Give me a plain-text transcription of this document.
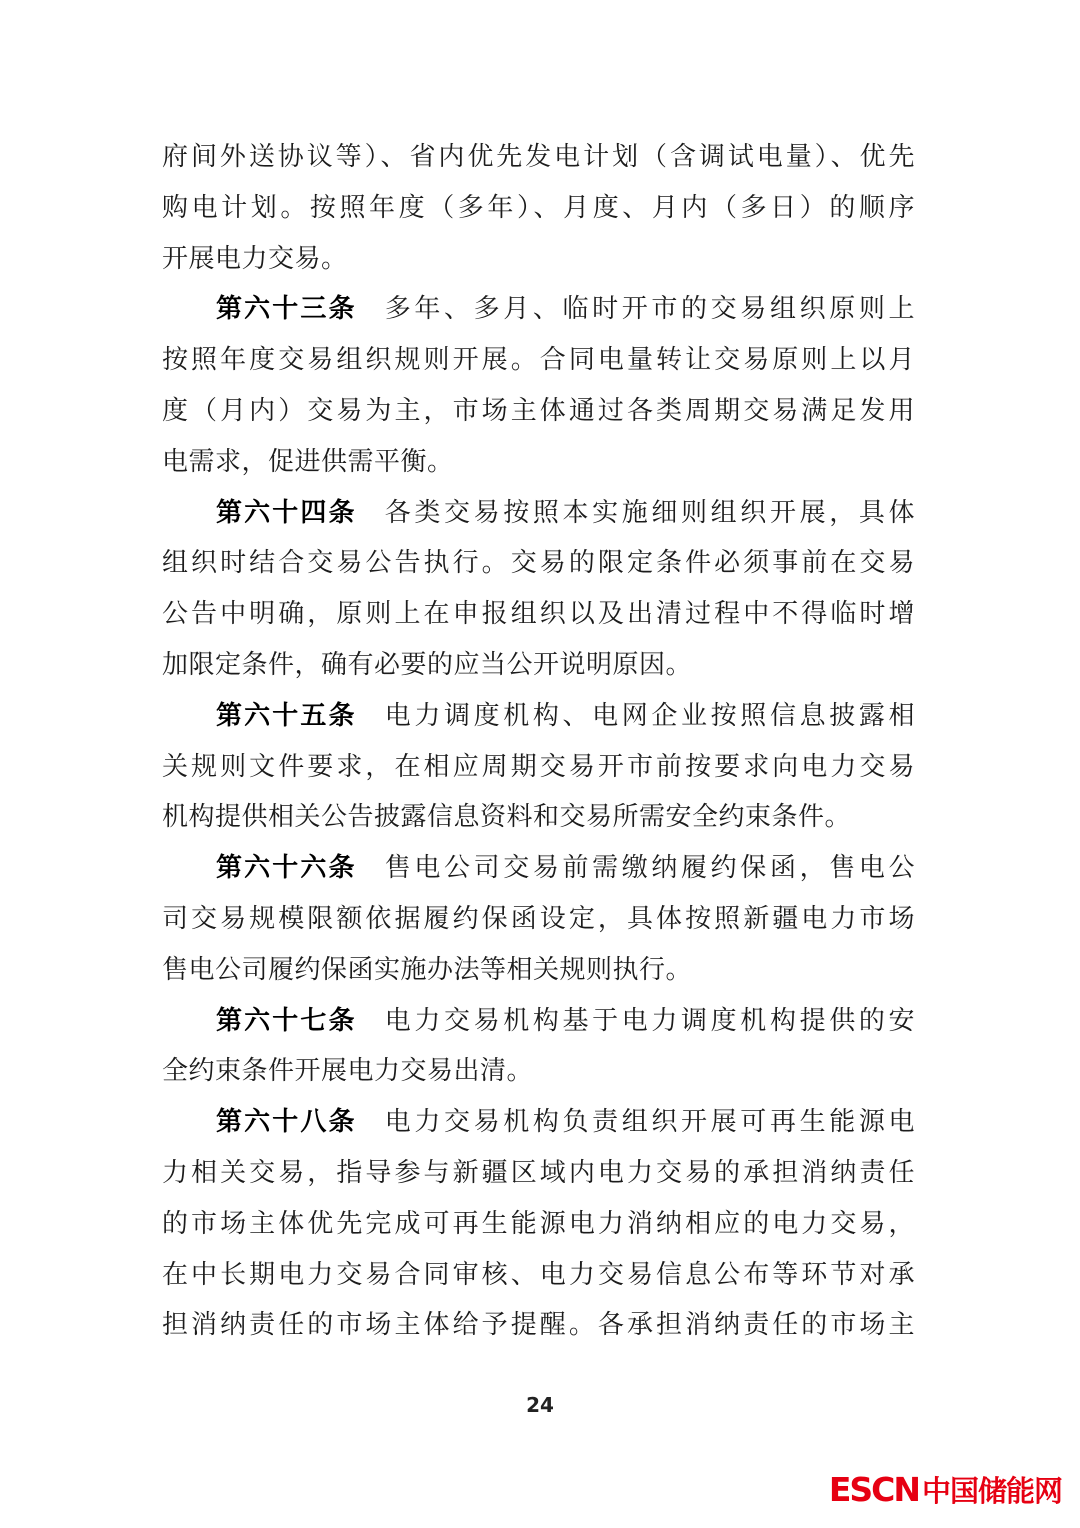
府间外送协议等）、省内优先发电计划（含调试电量）、优先
购电计划。按照年度（多年）、月度、月内（多日）的顺序
开展电力交易。
第六十三条 多年、多月、临时开市的交易组织原则上
按照年度交易组织规则开展。合同电量转让交易原则上以月
度（月内）交易为主，市场主体通过各类周期交易满足发用
电需求，促进供需平衡。
第六十四条 各类交易按照本实施细则组织开展，具体
组织时结合交易公告执行。交易的限定条件必须事前在交易
公告中明确，原则上在申报组织以及出清过程中不得临时增
加限定条件，确有必要的应当公开说明原因。
第六十五条 电力调度机构、电网企业按照信息披露相
关规则文件要求，在相应周期交易开市前按要求向电力交易
机构提供相关公告披露信息资料和交易所需安全约束条件。
第六十六条 售电公司交易前需缴纳履约保函，售电公
司交易规模限额依据履约保函设定，具体按照新疆电力市场
售电公司履约保函实施办法等相关规则执行。
第六十七条 电力交易机构基于电力调度机构提供的安
全约束条件开展电力交易出清。
第六十八条 电力交易机构负责组织开展可再生能源电
力相关交易，指导参与新疆区域内电力交易的承担消纳责任
的市场主体优先完成可再生能源电力消纳相应的电力交易，
在中长期电力交易合同审核、电力交易信息公布等环节对承
担消纳责任的市场主体给予提醒。各承担消纳责任的市场主
24
ESCN 中国储能网
